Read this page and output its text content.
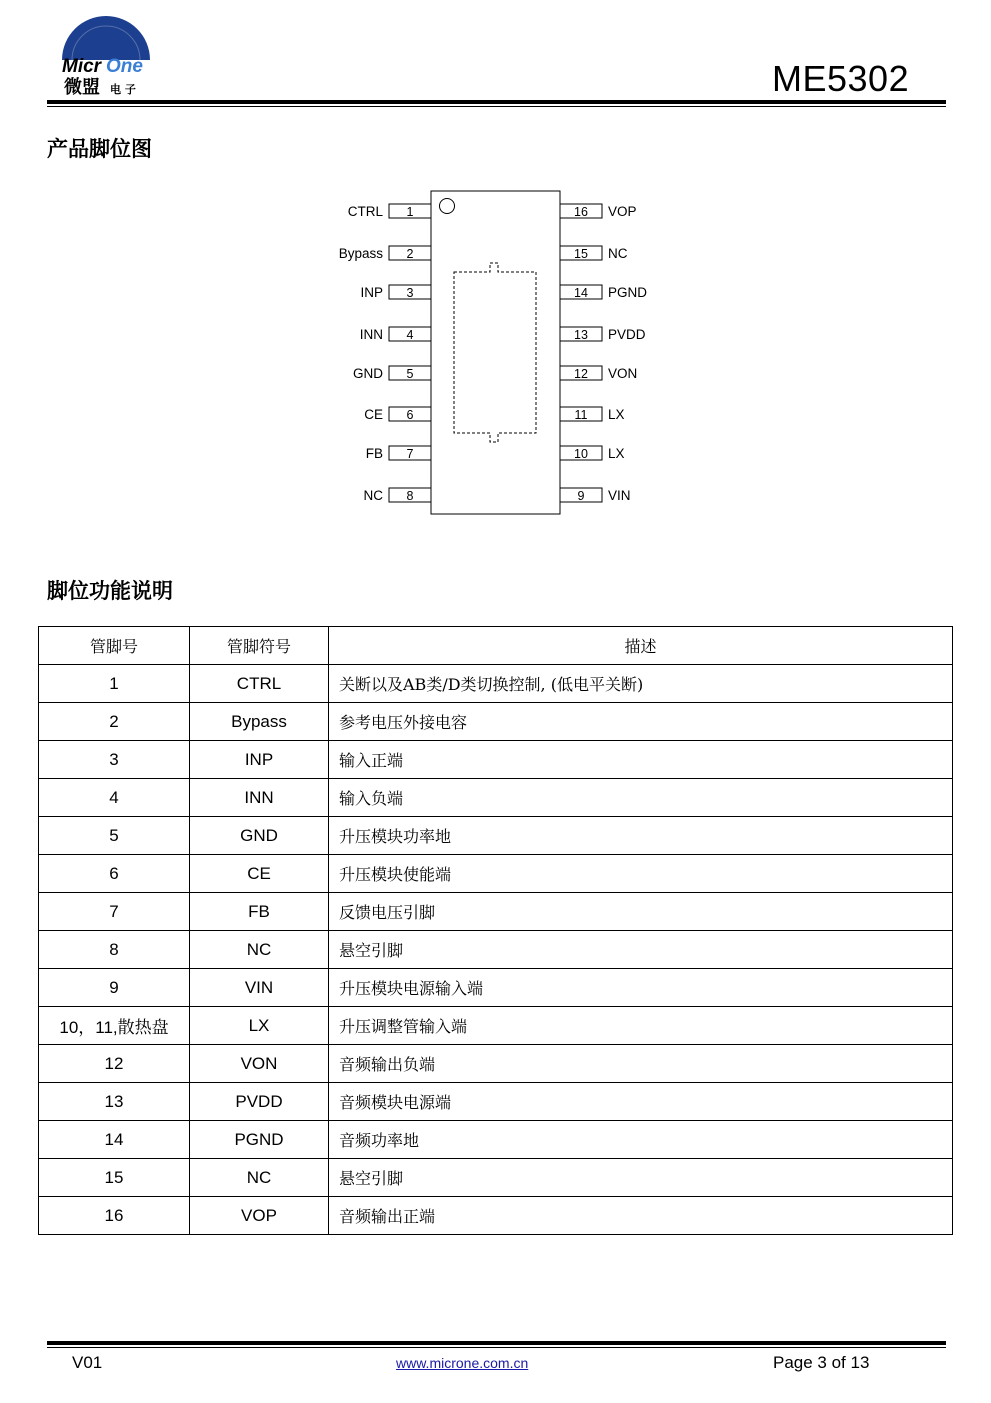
Micr One
微盟 电 子	ME5302
产品脚位图
1
CTRL
2
Bypass
3
INP
4
INN
5
GND
6
CE
7
FB
8
NC
16 VOP
15 NC
14 PGND
13 PVDD
12 VON
11 LX
10 LX
9 VIN
脚位功能说明
管脚号	管脚符号	描述
1	CTRL	关断以及AB类/D类切换控制, (低电平关断)
2	Bypass	参考电压外接电容
3	INP	输入正端
4	INN	输入负端
5	GND	升压模块功率地
6	CE	升压模块使能端
7	FB	反馈电压引脚
8	NC	悬空引脚
9	VIN	升压模块电源输入端
10，11,散热盘	LX	升压调整管输入端
12	VON	音频输出负端
13	PVDD	音频模块电源端
14	PGND	音频功率地
15	NC	悬空引脚
16	VOP	音频输出正端
V01	www.microne.com.cn	Page 3 of 13
